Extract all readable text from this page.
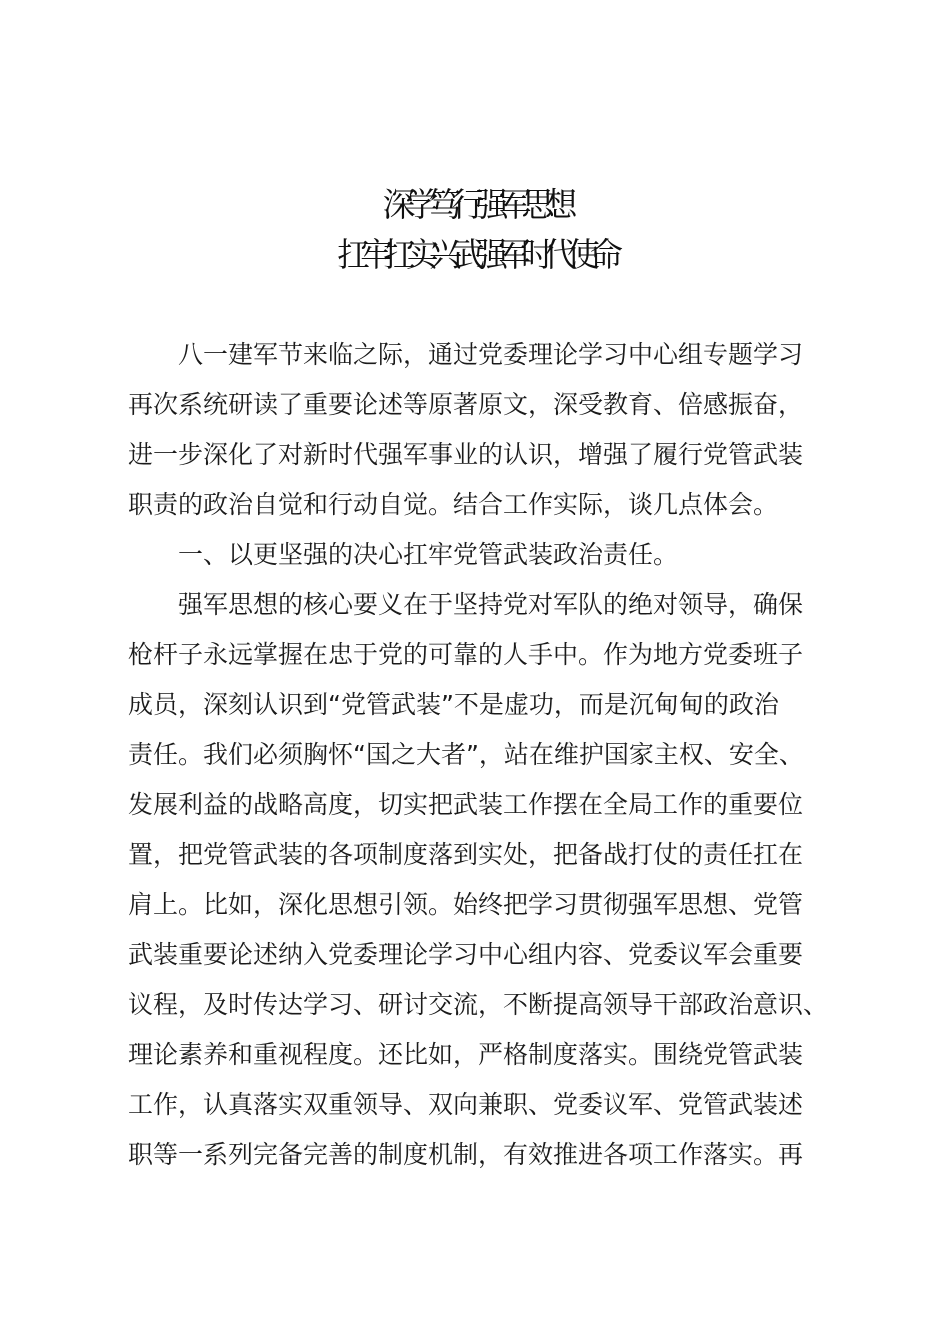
深学笃行  强军思想
扛牢扛实兴武强军时代使命
八一建军节来临之际，通过党委理论学习中心组专题学习
再次系统研读了重要论述等原著原文，深受教育、倍感振奋，
进一步深化了对新时代强军事业的认识，增强了履行党管武装
职责的政治自觉和行动自觉。结合工作实际，谈几点体会。
一、以更坚强的决心扛牢党管武装政治责任。
强军思想的核心要义在于坚持党对军队的绝对领导，确保
枪杆子永远掌握在忠于党的可靠的人手中。作为地方党委班子
成员，深刻认识到“党管武装”不是虚功，而是沉甸甸的政治
责任。我们必须胸怀“国之大者”，站在维护国家主权、安全、
发展利益的战略高度，切实把武装工作摆在全局工作的重要位
置，把党管武装的各项制度落到实处，把备战打仗的责任扛在
肩上。比如，深化思想引领。始终把学习贯彻强军思想、党管
武装重要论述纳入党委理论学习中心组内容、党委议军会重要
议程，及时传达学习、研讨交流，不断提高领导干部政治意识、
理论素养和重视程度。还比如，严格制度落实。围绕党管武装
工作，认真落实双重领导、双向兼职、党委议军、党管武装述
职等一系列完备完善的制度机制，有效推进各项工作落实。再
